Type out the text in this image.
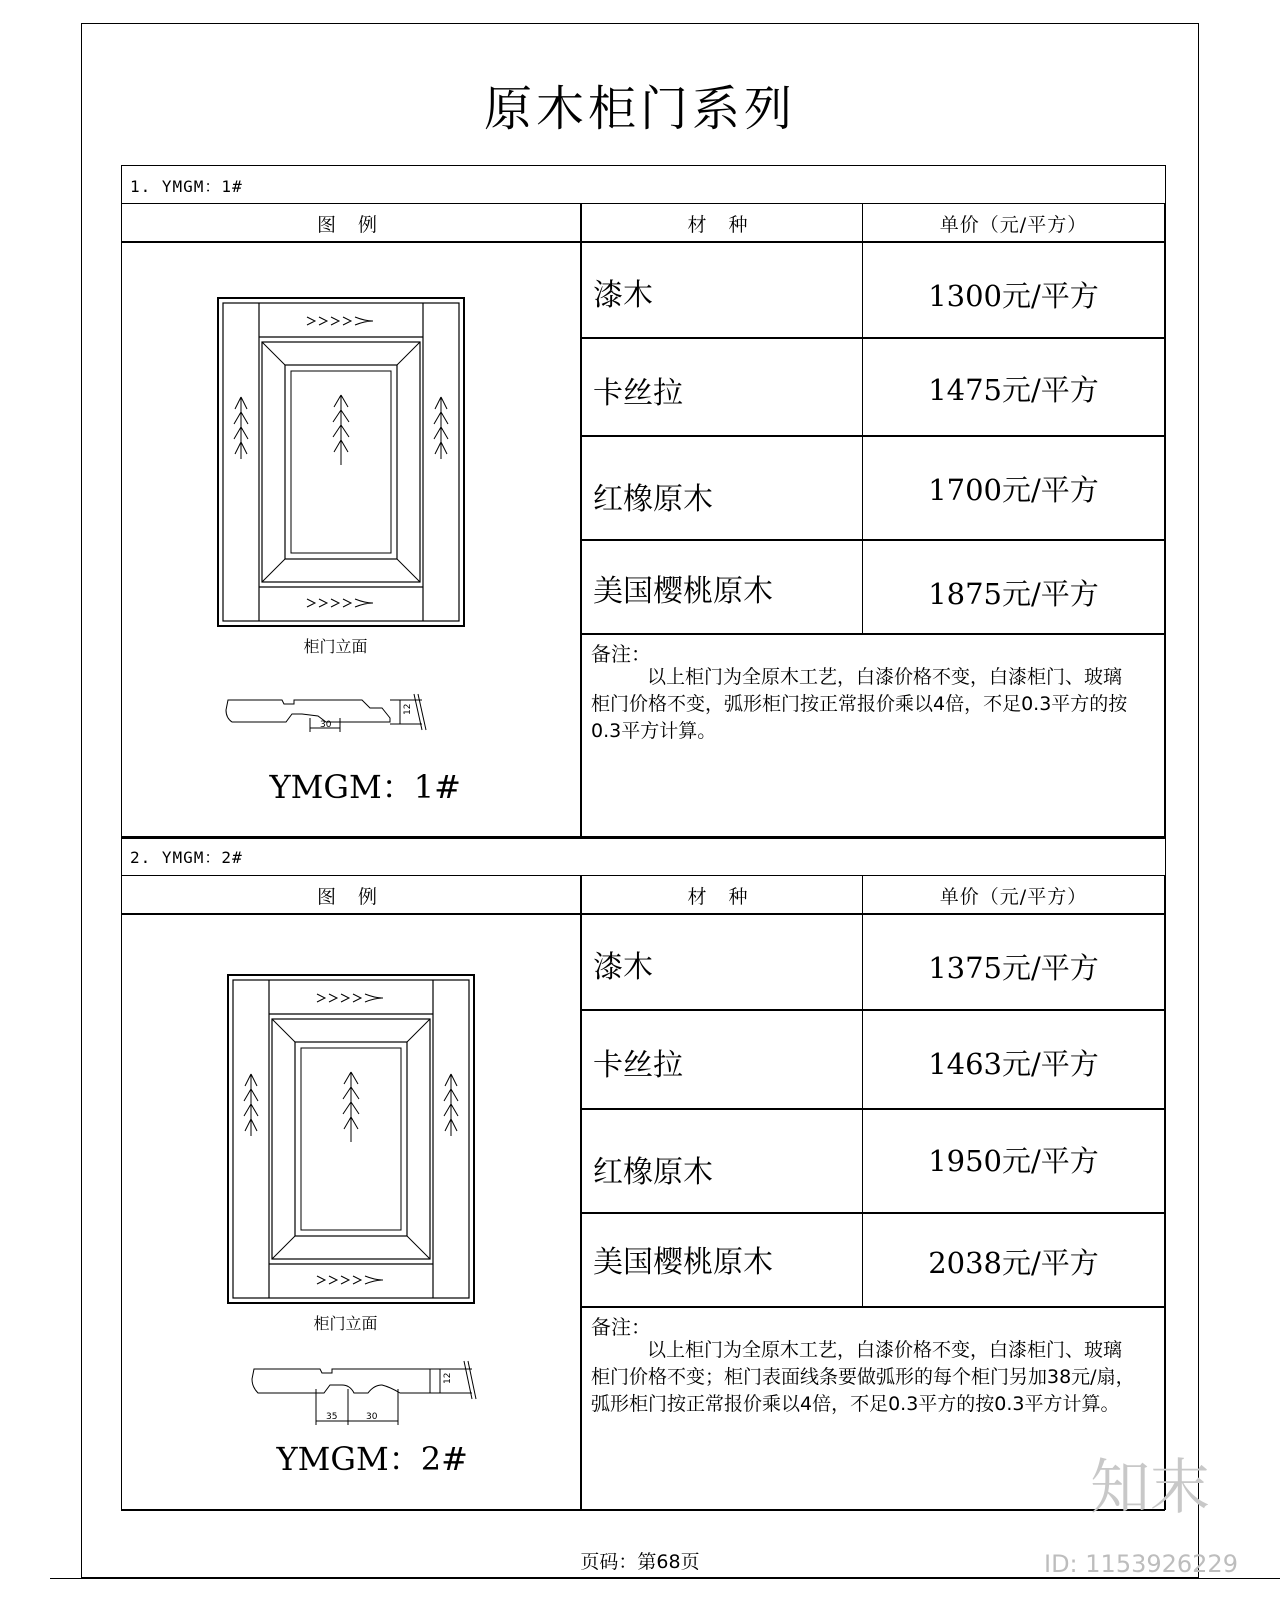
原木柜门系列
1. YMGM：1#
图 例	材 种	单价（元/平方）
柜门立面
30
12
YMGM：1#
漆木	1300元/平方
卡丝拉	1475元/平方
红橡原木	1700元/平方
美国樱桃原木	1875元/平方
备注：
以上柜门为全原木工艺，白漆价格不变，白漆柜门、玻璃柜门价格不变，弧形柜门按正常报价乘以4倍，不足0.3平方的按0.3平方计算。
2. YMGM：2#
图 例	材 种	单价（元/平方）
柜门立面
35	30
12
YMGM：2#
漆木	1375元/平方
卡丝拉	1463元/平方
红橡原木	1950元/平方
美国樱桃原木	2038元/平方
备注：
以上柜门为全原木工艺，白漆价格不变，白漆柜门、玻璃柜门价格不变；柜门表面线条要做弧形的每个柜门另加38元/扇，弧形柜门按正常报价乘以4倍，不足0.3平方的按0.3平方计算。
页码：第68页
知末
ID: 1153926229
